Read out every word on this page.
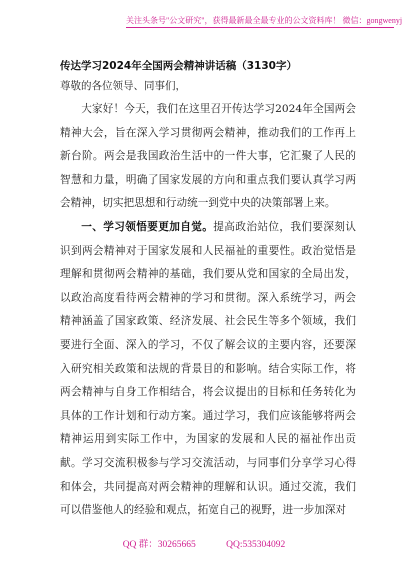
关注头条号"公文研究"，获得最新最全最专业的公文资料库！ 微信：gongwenyj
传达学习2024年全国两会精神讲话稿（3130字）
尊敬的各位领导、同事们，

大家好！今天，我们在这里召开传达学习2024年全国两会精神大会，旨在深入学习贯彻两会精神，推动我们的工作再上新台阶。两会是我国政治生活中的一件大事，它汇聚了人民的智慧和力量，明确了国家发展的方向和重点我们要认真学习两会精神，切实把思想和行动统一到党中央的决策部署上来。

一、学习领悟要更加自觉。提高政治站位，我们要深刻认识到两会精神对于国家发展和人民福祉的重要性。政治觉悟是理解和贯彻两会精神的基础，我们要从党和国家的全局出发，以政治高度看待两会精神的学习和贯彻。深入系统学习，两会精神涵盖了国家政策、经济发展、社会民生等多个领域，我们要进行全面、深入的学习，不仅了解会议的主要内容，还要深入研究相关政策和法规的背景目的和影响。结合实际工作，将两会精神与自身工作相结合，将会议提出的目标和任务转化为具体的工作计划和行动方案。通过学习，我们应该能够将两会精神运用到实际工作中，为国家的发展和人民的福祉作出贡献。学习交流积极参与学习交流活动，与同事们分享学习心得和体会，共同提高对两会精神的理解和认识。通过交流，我们可以借鉴他人的经验和观点，拓宽自己的视野，进一步加深对

QQ 群：30265665	QQ:535304092
